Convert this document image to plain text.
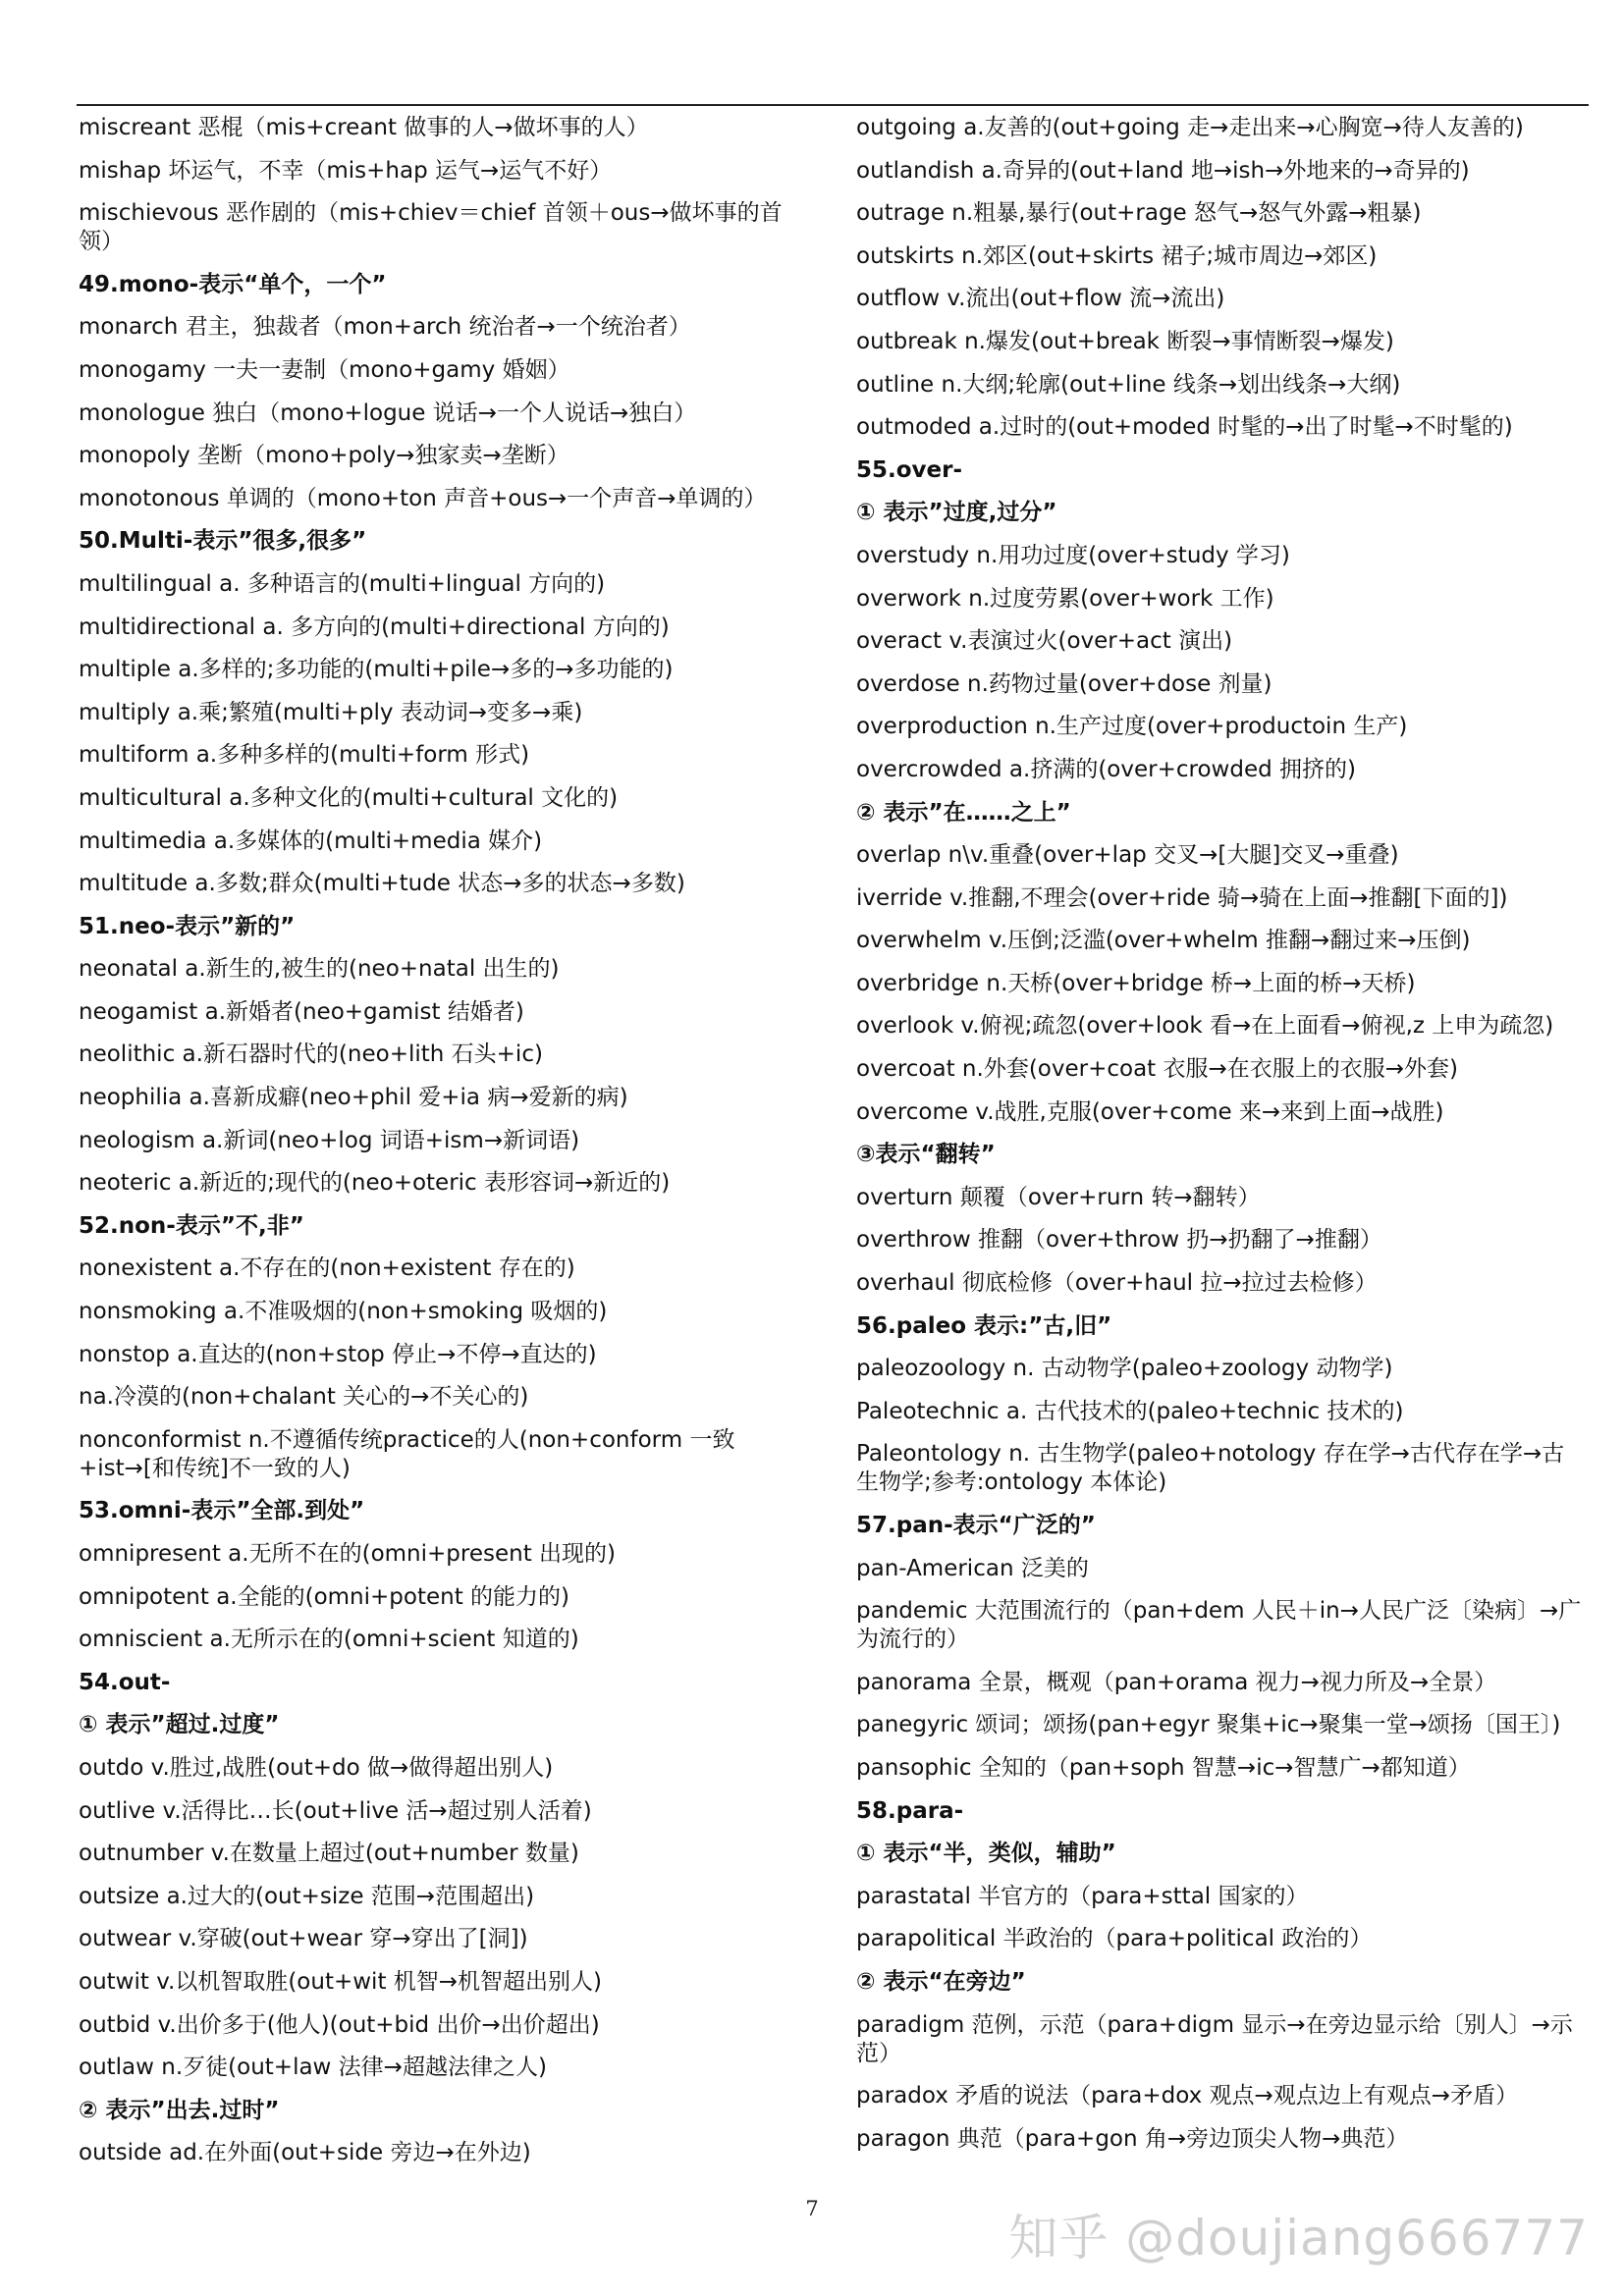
miscreant 恶棍（mis+creant 做事的人→做坏事的人）
mishap 坏运气，不幸（mis+hap 运气→运气不好）
mischievous 恶作剧的（mis+chiev＝chief 首领＋ous→做坏事的首领）
49.mono-表示“单个，一个”
monarch 君主，独裁者（mon+arch 统治者→一个统治者）
monogamy 一夫一妻制（mono+gamy 婚姻）
monologue 独白（mono+logue 说话→一个人说话→独白）
monopoly 垄断（mono+poly→独家卖→垄断）
monotonous 单调的（mono+ton 声音+ous→一个声音→单调的）
50.Multi-表示”很多,很多”
multilingual a. 多种语言的(multi+lingual 方向的)
multidirectional a. 多方向的(multi+directional 方向的)
multiple a.多样的;多功能的(multi+pile→多的→多功能的)
multiply a.乘;繁殖(multi+ply 表动词→变多→乘)
multiform a.多种多样的(multi+form 形式)
multicultural a.多种文化的(multi+cultural 文化的)
multimedia a.多媒体的(multi+media 媒介)
multitude a.多数;群众(multi+tude 状态→多的状态→多数)
51.neo-表示”新的”
neonatal a.新生的,被生的(neo+natal 出生的)
neogamist a.新婚者(neo+gamist 结婚者)
neolithic a.新石器时代的(neo+lith 石头+ic)
neophilia a.喜新成癖(neo+phil 爱+ia 病→爱新的病)
neologism a.新词(neo+log 词语+ism→新词语)
neoteric a.新近的;现代的(neo+oteric 表形容词→新近的)
52.non-表示”不,非”
nonexistent a.不存在的(non+existent 存在的)
nonsmoking a.不准吸烟的(non+smoking 吸烟的)
nonstop a.直达的(non+stop 停止→不停→直达的)
na.冷漠的(non+chalant 关心的→不关心的)
nonconformist n.不遵循传统practice的人(non+conform 一致+ist→[和传统]不一致的人)
53.omni-表示”全部.到处”
omnipresent a.无所不在的(omni+present 出现的)
omnipotent a.全能的(omni+potent 的能力的)
omniscient a.无所示在的(omni+scient 知道的)
54.out-
① 表示”超过.过度”
outdo v.胜过,战胜(out+do 做→做得超出别人)
outlive v.活得比…长(out+live 活→超过别人活着)
outnumber v.在数量上超过(out+number 数量)
outsize a.过大的(out+size 范围→范围超出)
outwear v.穿破(out+wear 穿→穿出了[洞])
outwit v.以机智取胜(out+wit 机智→机智超出别人)
outbid v.出价多于(他人)(out+bid 出价→出价超出)
outlaw n.歹徒(out+law 法律→超越法律之人)
② 表示”出去.过时”
outside ad.在外面(out+side 旁边→在外边)
outgoing a.友善的(out+going 走→走出来→心胸宽→待人友善的)
outlandish a.奇异的(out+land 地→ish→外地来的→奇异的)
outrage n.粗暴,暴行(out+rage 怒气→怒气外露→粗暴)
outskirts n.郊区(out+skirts 裙子;城市周边→郊区)
outflow v.流出(out+flow 流→流出)
outbreak n.爆发(out+break 断裂→事情断裂→爆发)
outline n.大纲;轮廓(out+line 线条→划出线条→大纲)
outmoded a.过时的(out+moded 时髦的→出了时髦→不时髦的)
55.over-
① 表示”过度,过分”
overstudy n.用功过度(over+study 学习)
overwork n.过度劳累(over+work 工作)
overact v.表演过火(over+act 演出)
overdose n.药物过量(over+dose 剂量)
overproduction n.生产过度(over+productoin 生产)
overcrowded a.挤满的(over+crowded 拥挤的)
② 表示”在……之上”
overlap n\v.重叠(over+lap 交叉→[大腿]交叉→重叠)
iverride v.推翻,不理会(over+ride 骑→骑在上面→推翻[下面的])
overwhelm v.压倒;泛滥(over+whelm 推翻→翻过来→压倒)
overbridge n.天桥(over+bridge 桥→上面的桥→天桥)
overlook v.俯视;疏忽(over+look 看→在上面看→俯视,z 上申为疏忽)
overcoat n.外套(over+coat 衣服→在衣服上的衣服→外套)
overcome v.战胜,克服(over+come 来→来到上面→战胜)
③表示“翻转”
overturn 颠覆（over+rurn 转→翻转）
overthrow 推翻（over+throw 扔→扔翻了→推翻）
overhaul 彻底检修（over+haul 拉→拉过去检修）
56.paleo 表示:”古,旧”
paleozoology n. 古动物学(paleo+zoology 动物学)
Paleotechnic a. 古代技术的(paleo+technic 技术的)
Paleontology n. 古生物学(paleo+notology 存在学→古代存在学→古生物学;参考:ontology 本体论)
57.pan-表示“广泛的”
pan-American 泛美的
pandemic 大范围流行的（pan+dem 人民＋in→人民广泛〔染病〕→广为流行的）
panorama 全景，概观（pan+orama 视力→视力所及→全景）
panegyric 颂词；颂扬(pan+egyr 聚集+ic→聚集一堂→颂扬〔国王〕)
pansophic 全知的（pan+soph 智慧→ic→智慧广→都知道）
58.para-
① 表示“半，类似，辅助”
parastatal 半官方的（para+sttal 国家的）
parapolitical 半政治的（para+political 政治的）
② 表示“在旁边”
paradigm 范例，示范（para+digm 显示→在旁边显示给〔别人〕→示范）
paradox 矛盾的说法（para+dox 观点→观点边上有观点→矛盾）
paragon 典范（para+gon 角→旁边顶尖人物→典范）
7
知乎 @doujiang666777
